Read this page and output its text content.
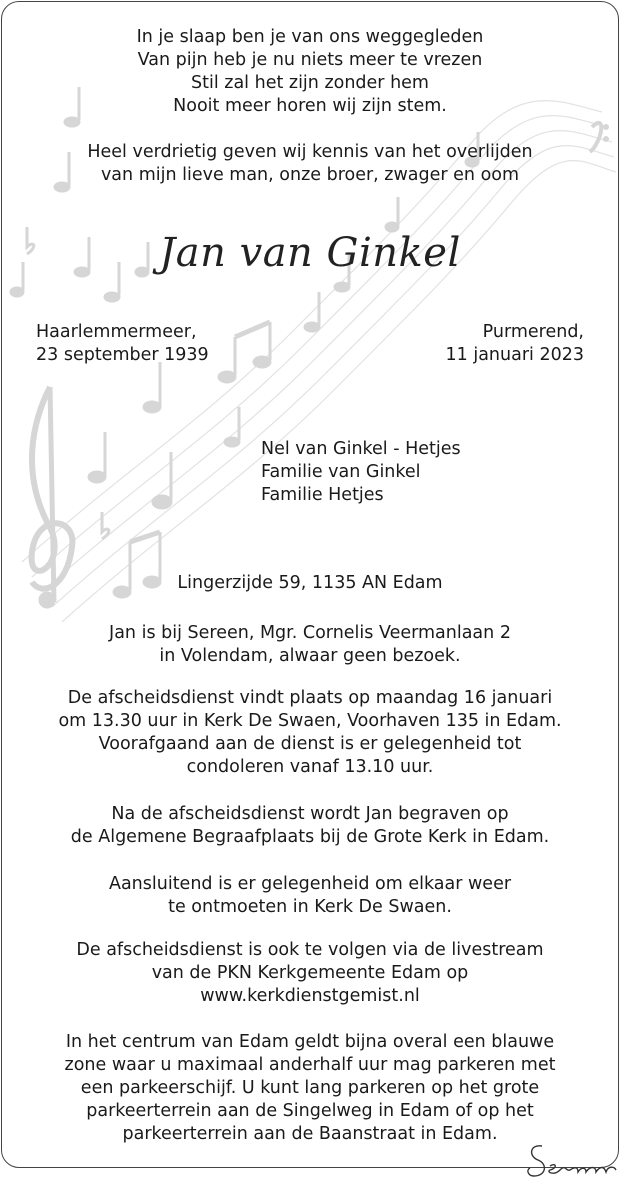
In je slaap ben je van ons weggegleden
Van pijn heb je nu niets meer te vrezen
Stil zal het zijn zonder hem
Nooit meer horen wij zijn stem.
Heel verdrietig geven wij kennis van het overlijden
van mijn lieve man, onze broer, zwager en oom
Jan van Ginkel
Haarlemmermeer,
23 september 1939
Purmerend,
11 januari 2023
Nel van Ginkel - Hetjes
Familie van Ginkel
Familie Hetjes
Lingerzijde 59, 1135 AN Edam
Jan is bij Sereen, Mgr. Cornelis Veermanlaan 2
in Volendam, alwaar geen bezoek.
De afscheidsdienst vindt plaats op maandag 16 januari
om 13.30 uur in Kerk De Swaen, Voorhaven 135 in Edam.
Voorafgaand aan de dienst is er gelegenheid tot
condoleren vanaf 13.10 uur.
Na de afscheidsdienst wordt Jan begraven op
de Algemene Begraafplaats bij de Grote Kerk in Edam.
Aansluitend is er gelegenheid om elkaar weer
te ontmoeten in Kerk De Swaen.
De afscheidsdienst is ook te volgen via de livestream
van de PKN Kerkgemeente Edam op
www.kerkdienstgemist.nl
In het centrum van Edam geldt bijna overal een blauwe
zone waar u maximaal anderhalf uur mag parkeren met
een parkeerschijf. U kunt lang parkeren op het grote
parkeerterrein aan de Singelweg in Edam of op het
parkeerterrein aan de Baanstraat in Edam.
